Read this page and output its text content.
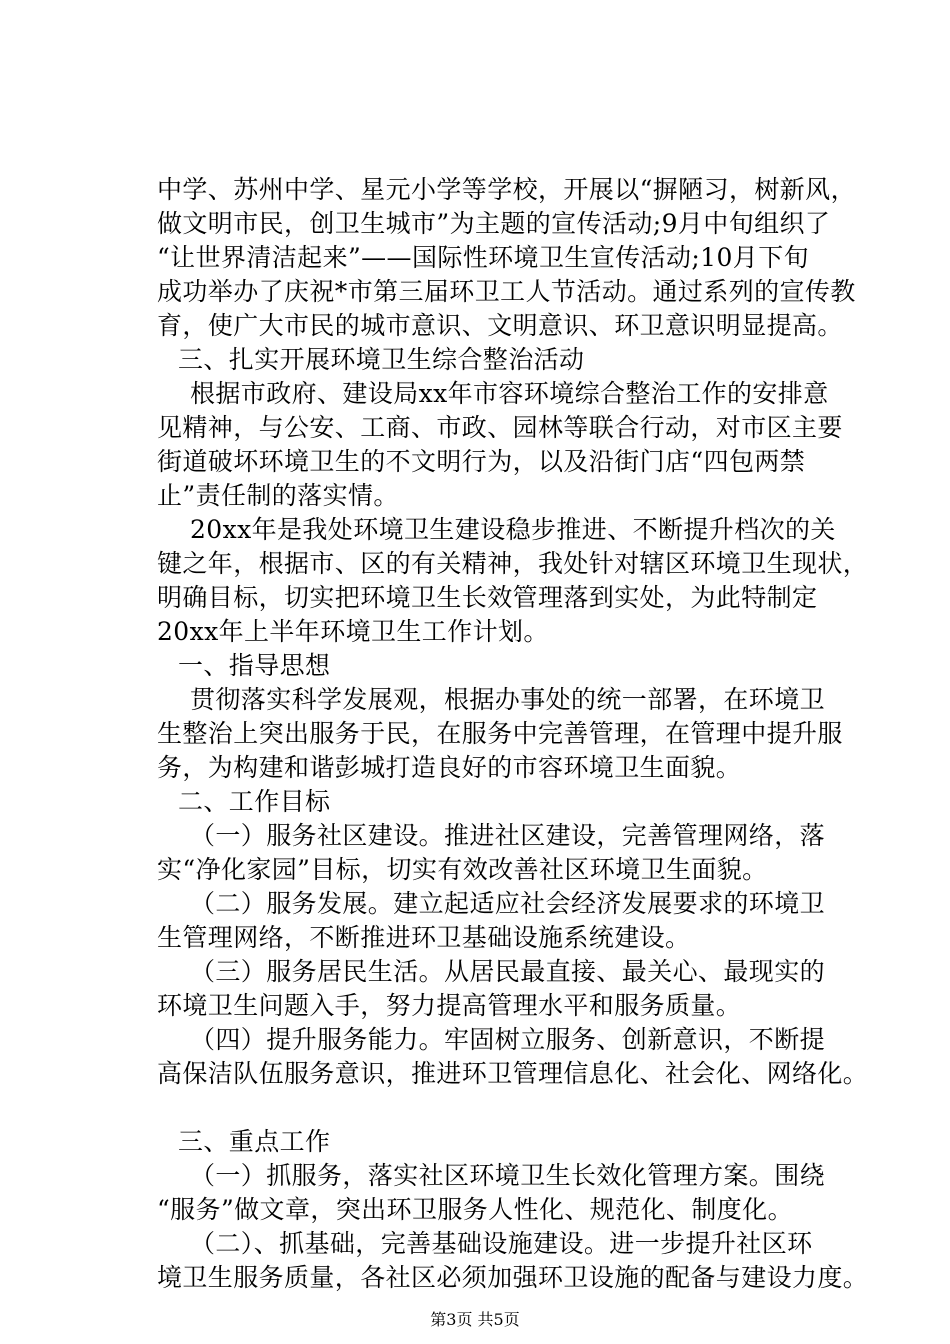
中学、苏州中学、星元小学等学校，开展以“摒陋习，树新风，
做文明市民，创卫生城市”为主题的宣传活动;9月中旬组织了
“让世界清洁起来”——国际性环境卫生宣传活动;10月下旬
成功举办了庆祝*市第三届环卫工人节活动。通过系列的宣传教
育，使广大市民的城市意识、文明意识、环卫意识明显提高。
三、扎实开展环境卫生综合整治活动
根据市政府、建设局xx年市容环境综合整治工作的安排意
见精神，与公安、工商、市政、园林等联合行动，对市区主要
街道破坏环境卫生的不文明行为，以及沿街门店“四包两禁
止”责任制的落实情。
20xx年是我处环境卫生建设稳步推进、不断提升档次的关
键之年，根据市、区的有关精神，我处针对辖区环境卫生现状，
明确目标，切实把环境卫生长效管理落到实处，为此特制定
20xx年上半年环境卫生工作计划。
一、指导思想
贯彻落实科学发展观，根据办事处的统一部署，在环境卫
生整治上突出服务于民，在服务中完善管理，在管理中提升服
务，为构建和谐彭城打造良好的市容环境卫生面貌。
二、工作目标
（一）服务社区建设。推进社区建设，完善管理网络，落
实“净化家园”目标，切实有效改善社区环境卫生面貌。
（二）服务发展。建立起适应社会经济发展要求的环境卫
生管理网络，不断推进环卫基础设施系统建设。
（三）服务居民生活。从居民最直接、最关心、最现实的
环境卫生问题入手，努力提高管理水平和服务质量。
（四）提升服务能力。牢固树立服务、创新意识，不断提
高保洁队伍服务意识，推进环卫管理信息化、社会化、网络化。
三、重点工作
（一）抓服务，落实社区环境卫生长效化管理方案。围绕
“服务”做文章，突出环卫服务人性化、规范化、制度化。
（二）、抓基础，完善基础设施建设。进一步提升社区环
境卫生服务质量，各社区必须加强环卫设施的配备与建设力度。
第3页 共5页
